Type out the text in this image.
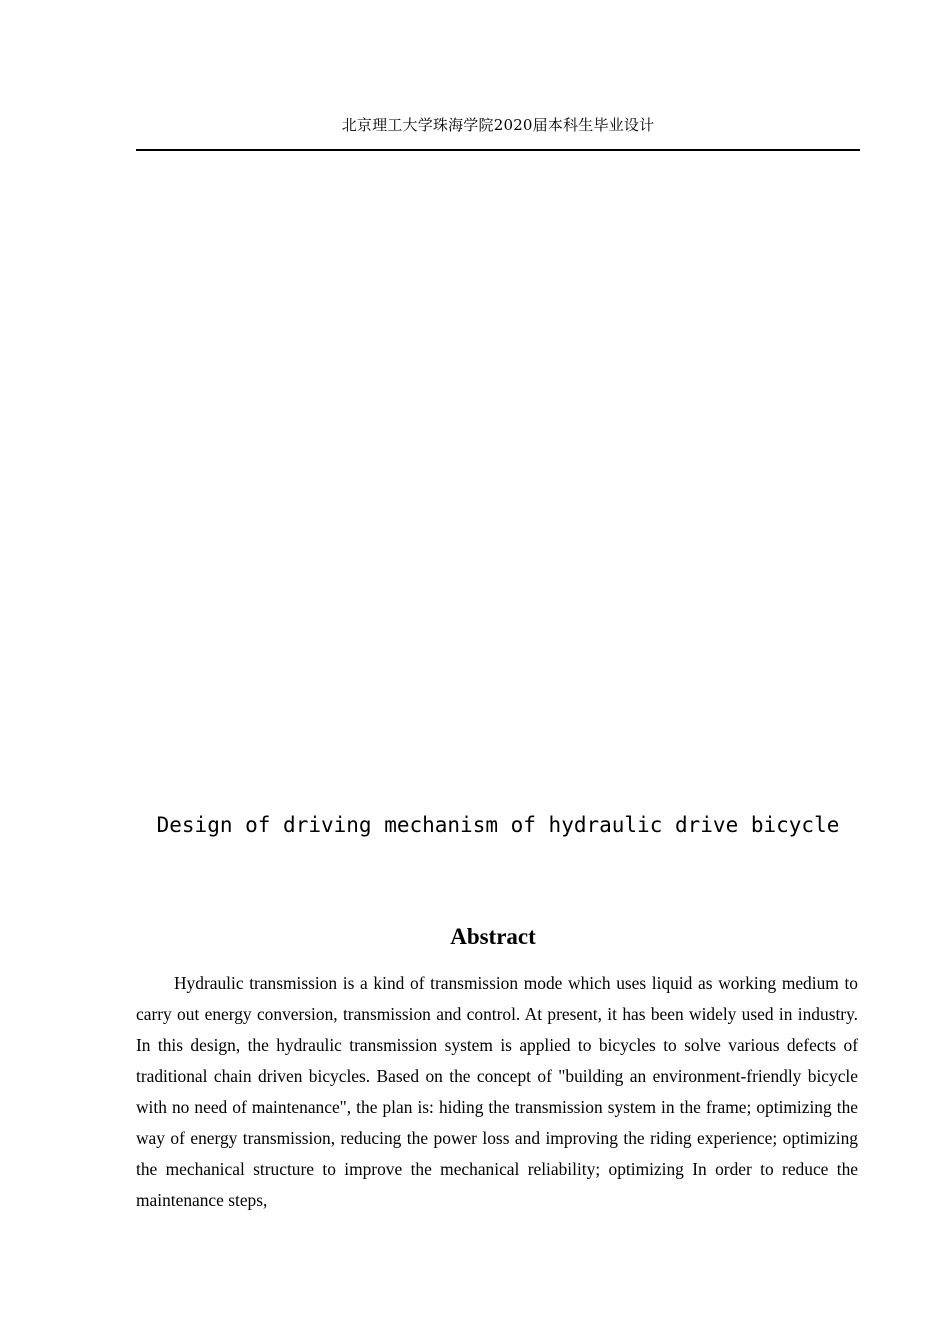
北京理工大学珠海学院2020届本科生毕业设计
Design of driving mechanism of hydraulic drive bicycle
Abstract

Hydraulic transmission is a kind of transmission mode which uses liquid as working medium to carry out energy conversion, transmission and control. At present, it has been widely used in industry. In this design, the hydraulic transmission system is applied to bicycles to solve various defects of traditional chain driven bicycles. Based on the concept of "building an environment-friendly bicycle with no need of maintenance", the plan is: hiding the transmission system in the frame; optimizing the way of energy transmission, reducing the power loss and improving the riding experience; optimizing the mechanical structure to improve the mechanical reliability; optimizing In order to reduce the maintenance steps,
